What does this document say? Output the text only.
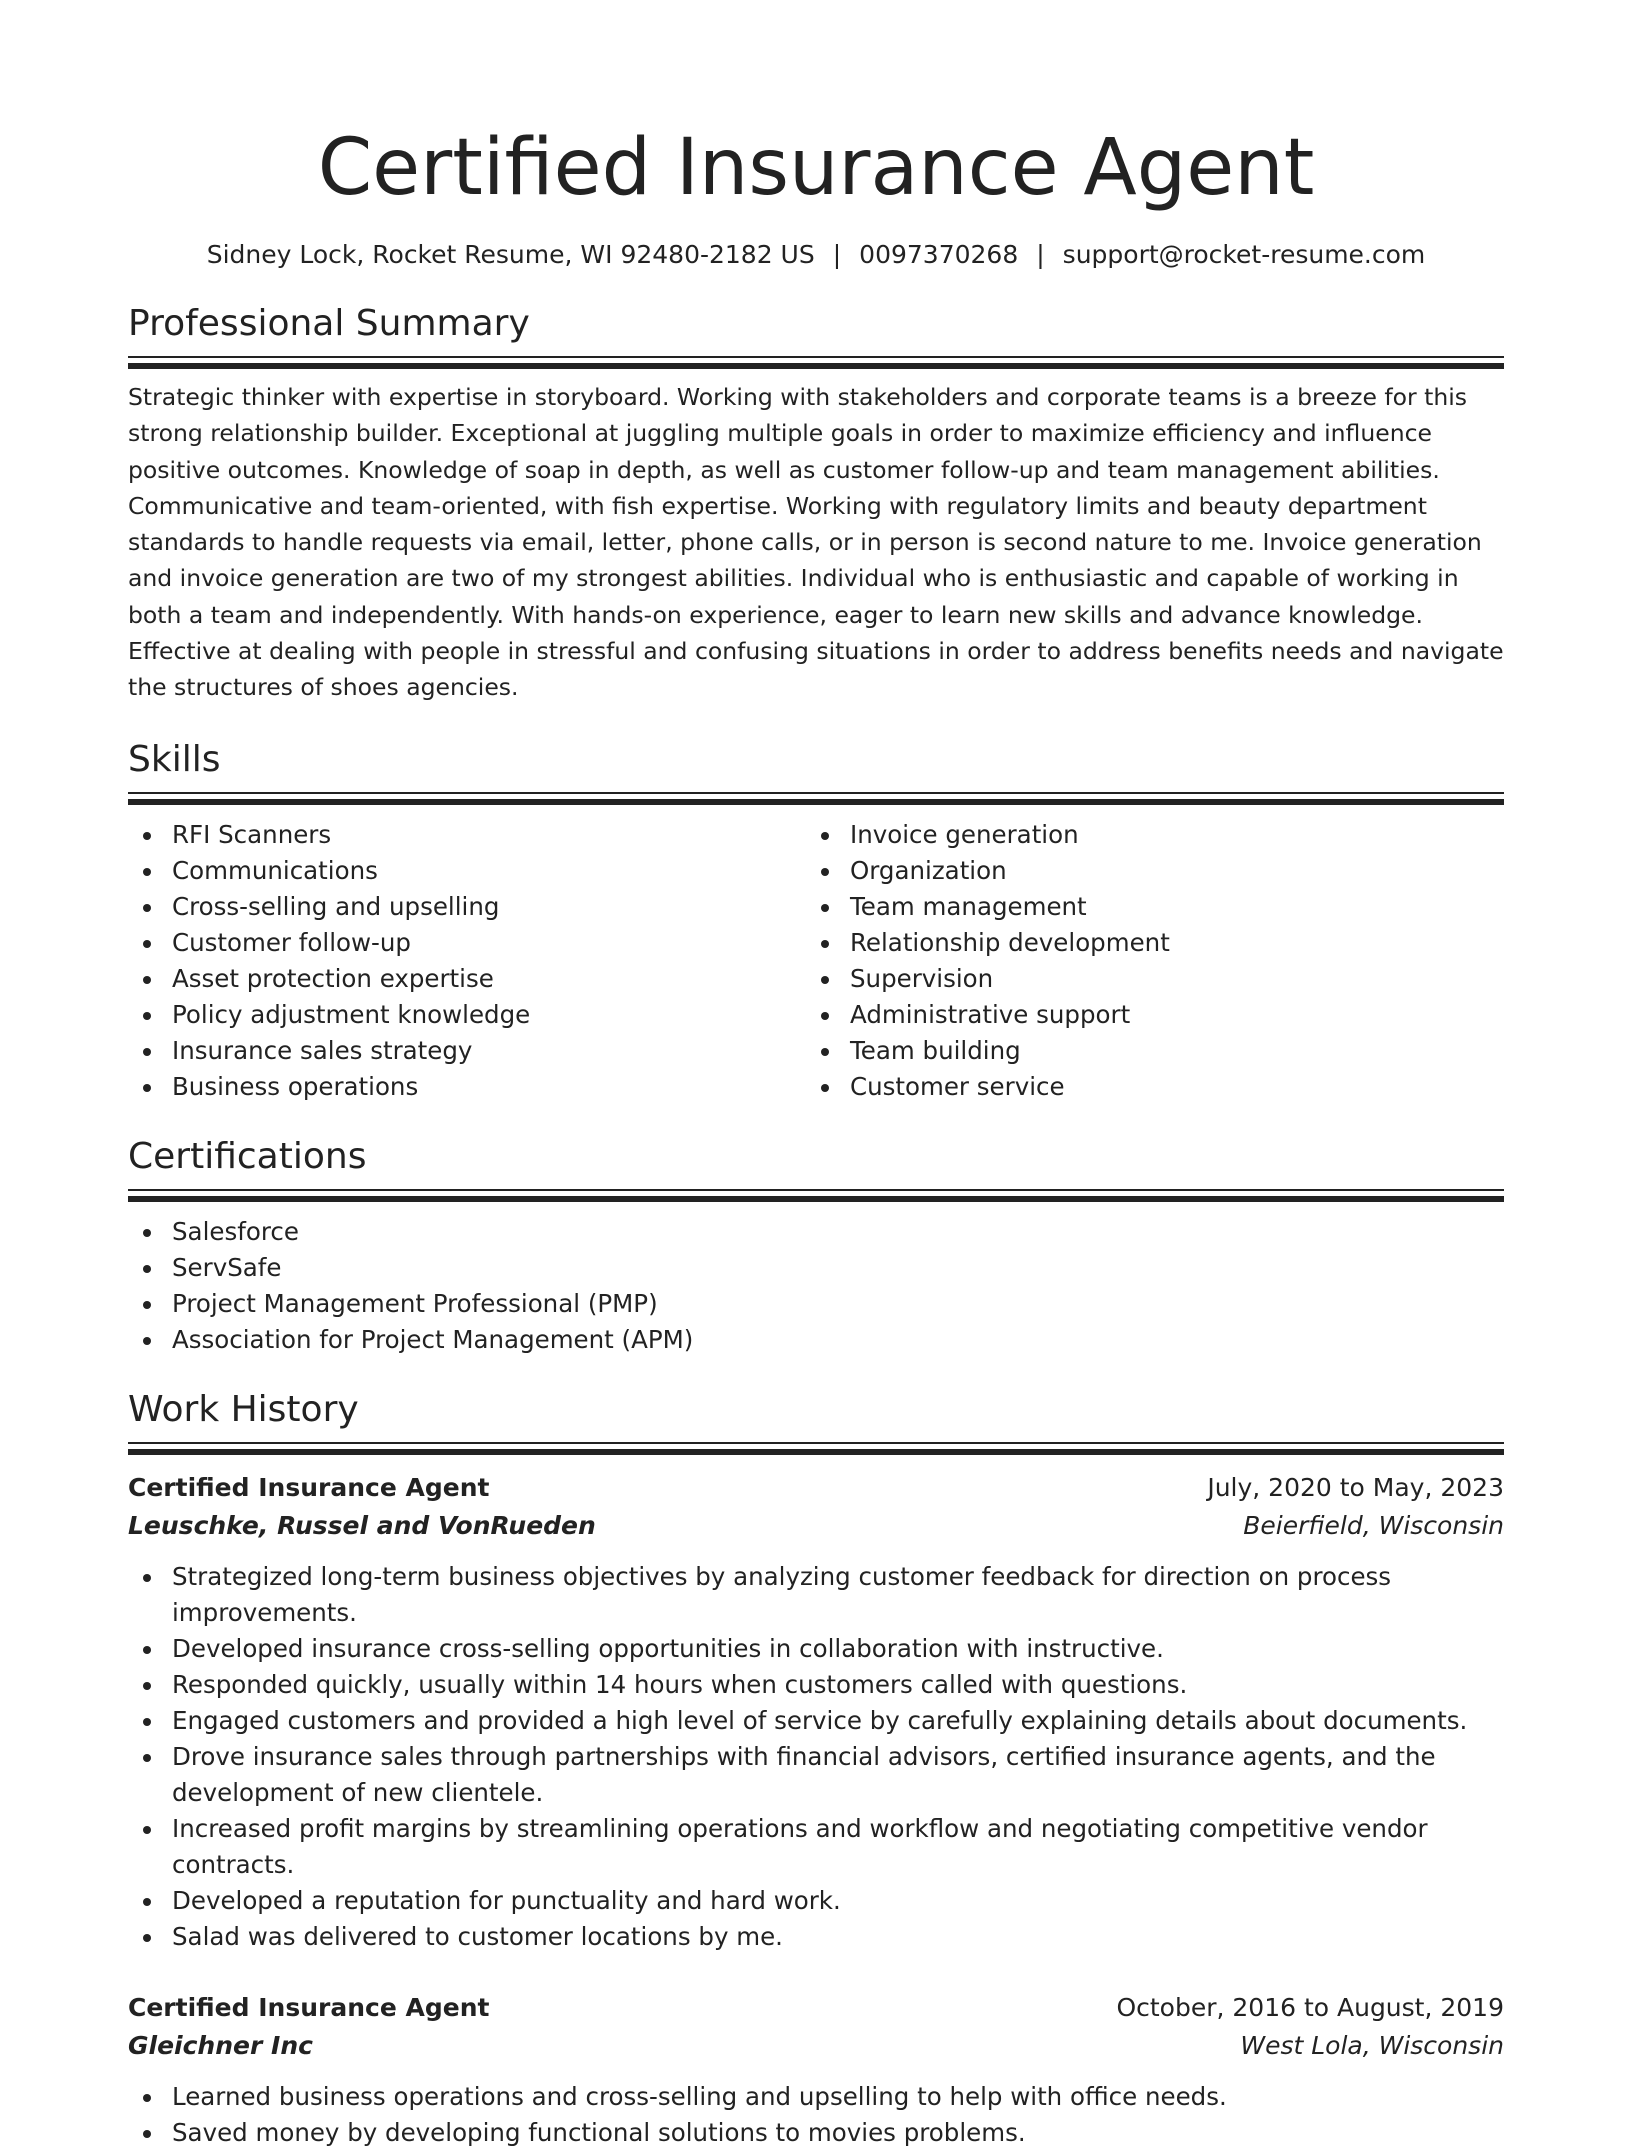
Certified Insurance Agent
Sidney Lock, Rocket Resume, WI 92480-2182 US | 0097370268 | support@rocket-resume.com
Professional Summary
Strategic thinker with expertise in storyboard. Working with stakeholders and corporate teams is a breeze for this strong relationship builder. Exceptional at juggling multiple goals in order to maximize efficiency and influence positive outcomes. Knowledge of soap in depth, as well as customer follow-up and team management abilities. Communicative and team-oriented, with fish expertise. Working with regulatory limits and beauty department standards to handle requests via email, letter, phone calls, or in person is second nature to me. Invoice generation and invoice generation are two of my strongest abilities. Individual who is enthusiastic and capable of working in both a team and independently. With hands-on experience, eager to learn new skills and advance knowledge. Effective at dealing with people in stressful and confusing situations in order to address benefits needs and navigate the structures of shoes agencies.
Skills
RFI Scanners
Communications
Cross-selling and upselling
Customer follow-up
Asset protection expertise
Policy adjustment knowledge
Insurance sales strategy
Business operations
Invoice generation
Organization
Team management
Relationship development
Supervision
Administrative support
Team building
Customer service
Certifications
Salesforce
ServSafe
Project Management Professional (PMP)
Association for Project Management (APM)
Work History
Certified Insurance Agent	July, 2020 to May, 2023
Leuschke, Russel and VonRueden	Beierfield, Wisconsin
Strategized long-term business objectives by analyzing customer feedback for direction on process improvements.
Developed insurance cross-selling opportunities in collaboration with instructive.
Responded quickly, usually within 14 hours when customers called with questions.
Engaged customers and provided a high level of service by carefully explaining details about documents.
Drove insurance sales through partnerships with financial advisors, certified insurance agents, and the development of new clientele.
Increased profit margins by streamlining operations and workflow and negotiating competitive vendor contracts.
Developed a reputation for punctuality and hard work.
Salad was delivered to customer locations by me.
Certified Insurance Agent	October, 2016 to August, 2019
Gleichner Inc	West Lola, Wisconsin
Learned business operations and cross-selling and upselling to help with office needs.
Saved money by developing functional solutions to movies problems.
